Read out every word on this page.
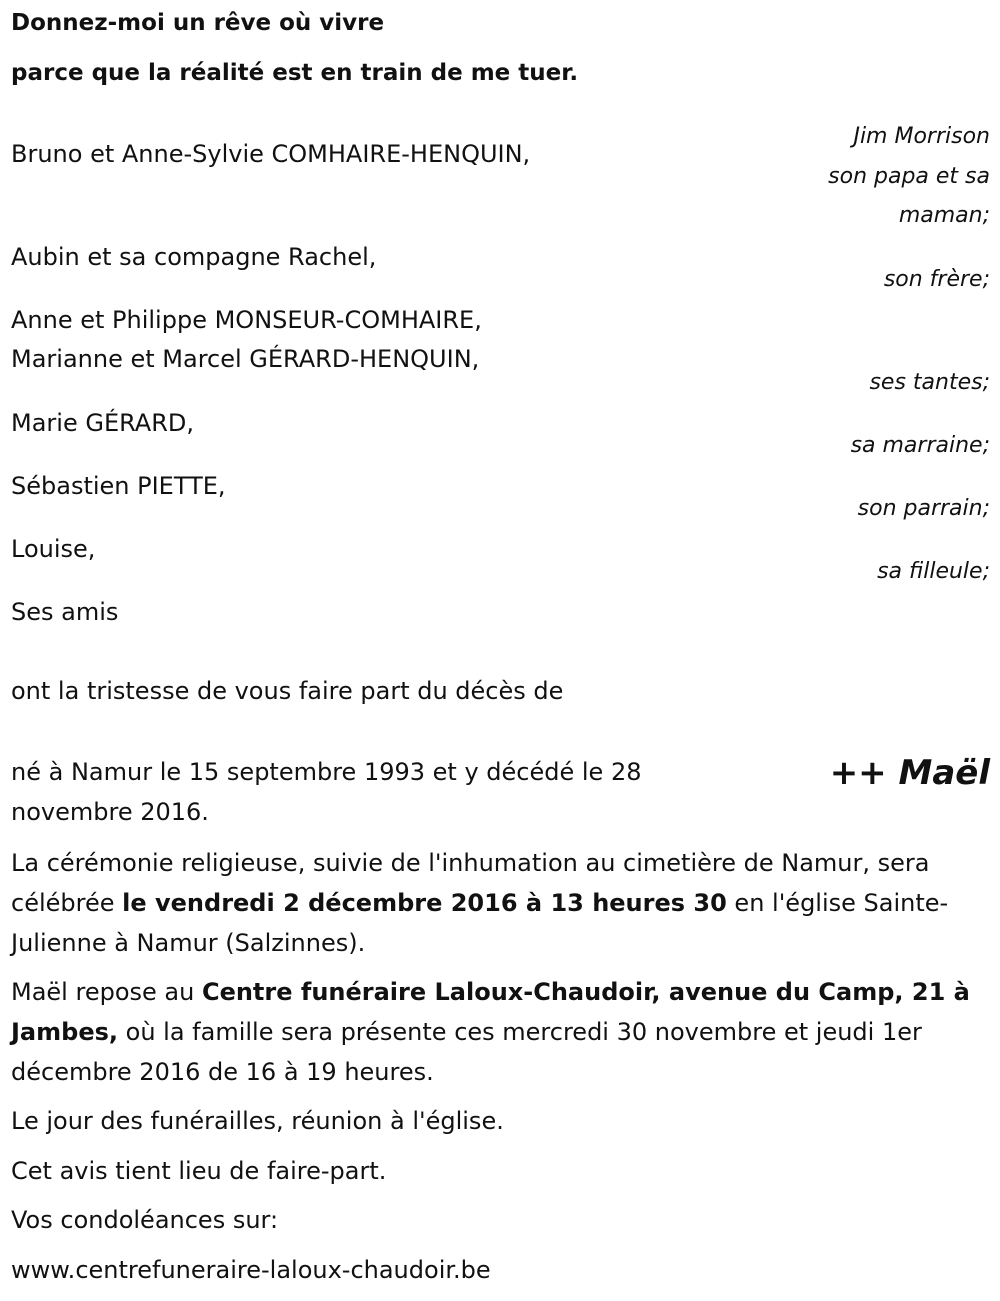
Donnez-moi un rêve où vivre
parce que la réalité est en train de me tuer.
Jim Morrison
Bruno et Anne-Sylvie COMHAIRE-HENQUIN,
son papa et sa
maman;
Aubin et sa compagne Rachel,
son frère;
Anne et Philippe MONSEUR-COMHAIRE,
Marianne et Marcel GÉRARD-HENQUIN,
ses tantes;
Marie GÉRARD,
sa marraine;
Sébastien PIETTE,
son parrain;
Louise,
sa filleule;
Ses amis
ont la tristesse de vous faire part du décès de
++ Maël
né à Namur le 15 septembre 1993 et y décédé le 28 novembre 2016.
La cérémonie religieuse, suivie de l'inhumation au cimetière de Namur, sera célébrée le vendredi 2 décembre 2016 à 13 heures 30 en l'église Sainte-Julienne à Namur (Salzinnes).
Maël repose au Centre funéraire Laloux-Chaudoir, avenue du Camp, 21 à Jambes, où la famille sera présente ces mercredi 30 novembre et jeudi 1er décembre 2016 de 16 à 19 heures.
Le jour des funérailles, réunion à l'église.
Cet avis tient lieu de faire-part.
Vos condoléances sur:
www.centrefuneraire-laloux-chaudoir.be
